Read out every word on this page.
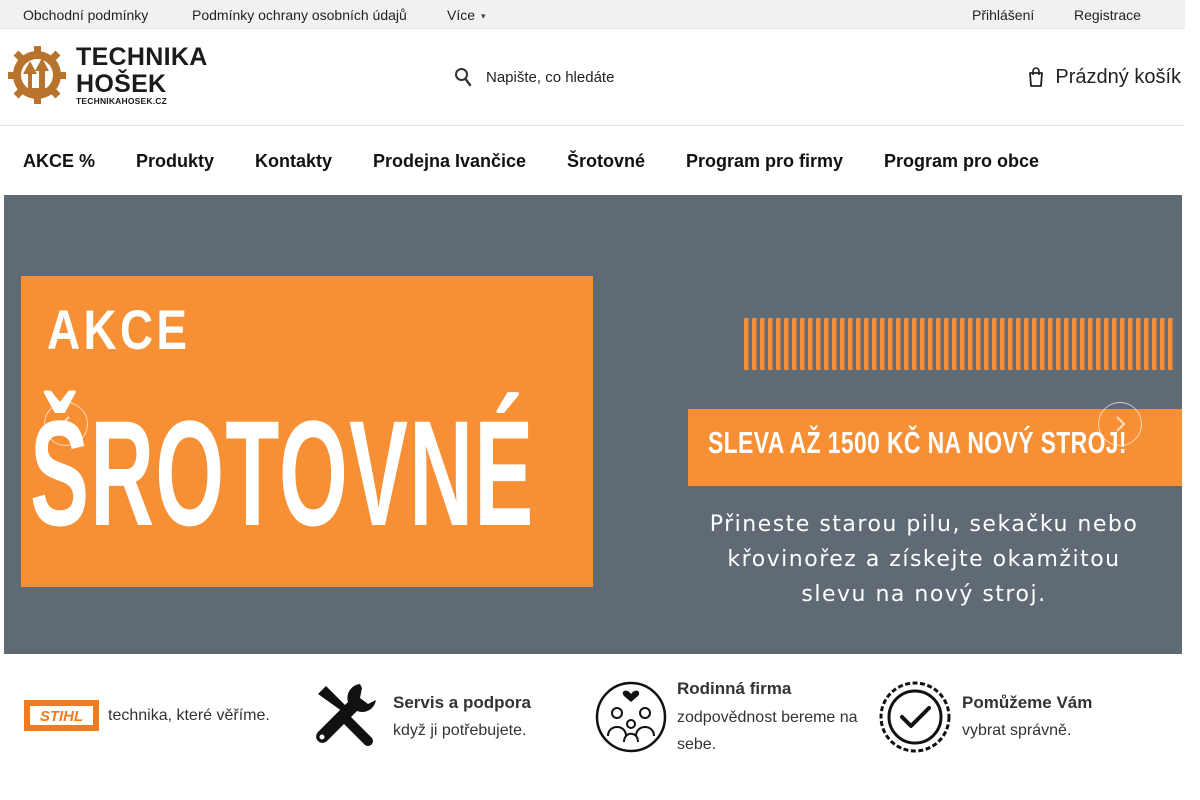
Obchodní podmínky	Podmínky ochrany osobních údajů	Více ▾	Přihlášení	Registrace
TECHNIKA
HOŠEK
TECHNIKAHOSEK.CZ
Napište, co hledáte
Prázdný košík
AKCE % Produkty Kontakty Prodejna Ivančice Šrotovné Program pro firmy Program pro obce
AKCE
ŠROTOVNÉ	SLEVA AŽ 1500 KČ NA NOVÝ STROJ!
Přineste starou pilu, sekačku nebo křovinořez a získejte okamžitou slevu na nový stroj.
STIHL technika, které věříme.
Servis a podpora
když ji potřebujete.
Rodinná firma
zodpovědnost bereme na sebe.
Pomůžeme Vám
vybrat správně.
